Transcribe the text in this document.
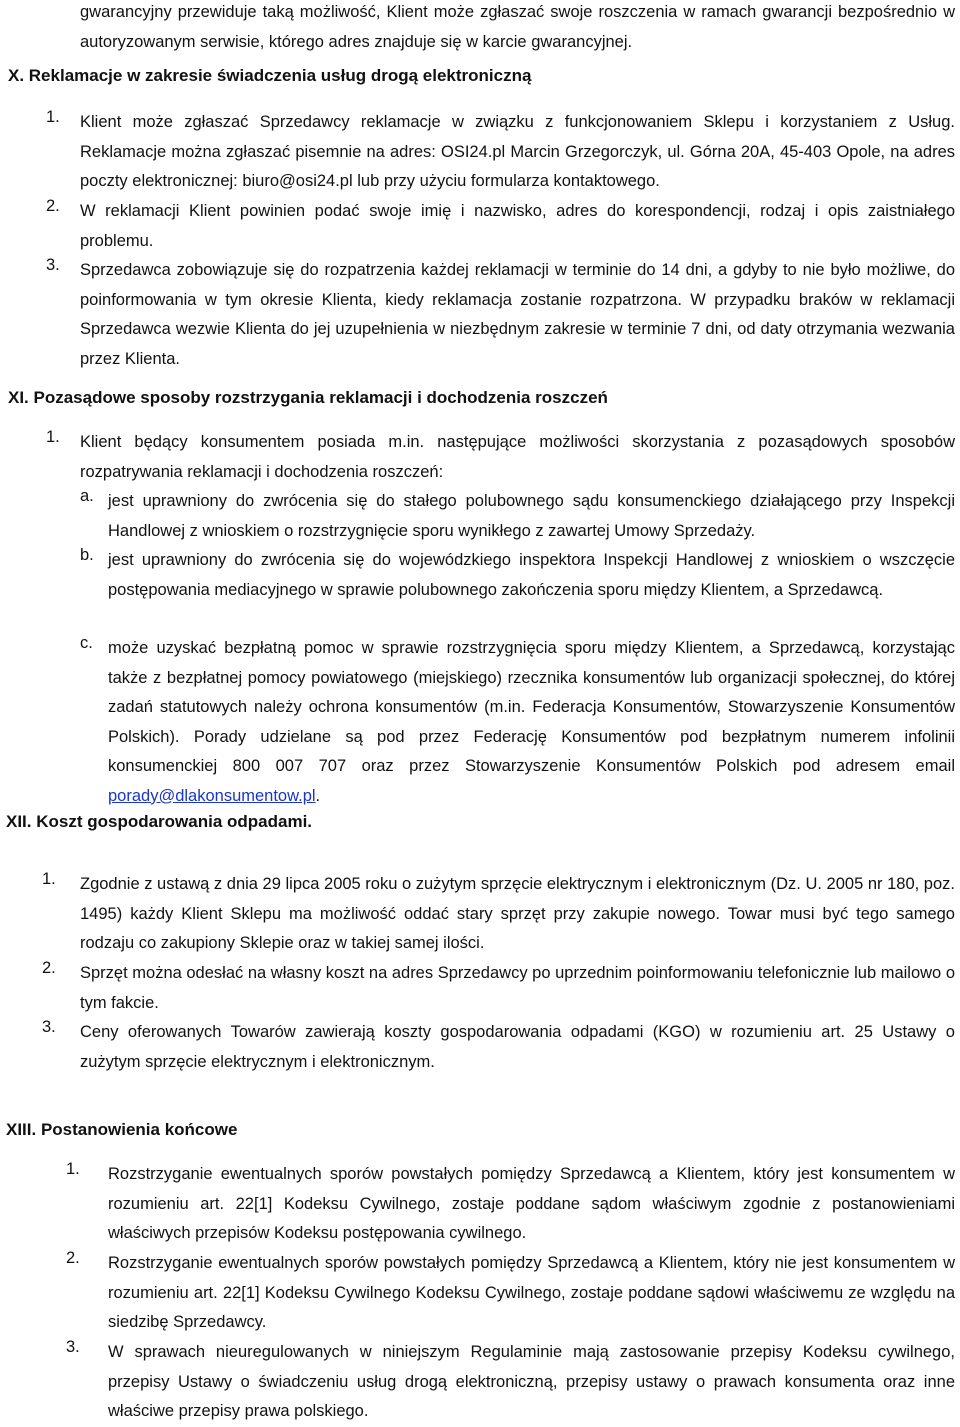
gwarancyjny przewiduje taką możliwość, Klient może zgłaszać swoje roszczenia w ramach gwarancji bezpośrednio w autoryzowanym serwisie, którego adres znajduje się w karcie gwarancyjnej.
X. Reklamacje w zakresie świadczenia usług drogą elektroniczną
1. Klient może zgłaszać Sprzedawcy reklamacje w związku z funkcjonowaniem Sklepu i korzystaniem z Usług. Reklamacje można zgłaszać pisemnie na adres: OSI24.pl Marcin Grzegorczyk, ul. Górna 20A, 45-403 Opole, na adres poczty elektronicznej: biuro@osi24.pl lub przy użyciu formularza kontaktowego.
2. W reklamacji Klient powinien podać swoje imię i nazwisko, adres do korespondencji, rodzaj i opis zaistniałego problemu.
3. Sprzedawca zobowiązuje się do rozpatrzenia każdej reklamacji w terminie do 14 dni, a gdyby to nie było możliwe, do poinformowania w tym okresie Klienta, kiedy reklamacja zostanie rozpatrzona. W przypadku braków w reklamacji Sprzedawca wezwie Klienta do jej uzupełnienia w niezbędnym zakresie w terminie 7 dni, od daty otrzymania wezwania przez Klienta.
XI. Pozasądowe sposoby rozstrzygania reklamacji i dochodzenia roszczeń
1. Klient będący konsumentem posiada m.in. następujące możliwości skorzystania z pozasądowych sposobów rozpatrywania reklamacji i dochodzenia roszczeń:
a. jest uprawniony do zwrócenia się do stałego polubownego sądu konsumenckiego działającego przy Inspekcji Handlowej z wnioskiem o rozstrzygnięcie sporu wynikłego z zawartej Umowy Sprzedaży.
b. jest uprawniony do zwrócenia się do wojewódzkiego inspektora Inspekcji Handlowej z wnioskiem o wszczęcie postępowania mediacyjnego w sprawie polubownego zakończenia sporu między Klientem, a Sprzedawcą.
c. może uzyskać bezpłatną pomoc w sprawie rozstrzygnięcia sporu między Klientem, a Sprzedawcą, korzystając także z bezpłatnej pomocy powiatowego (miejskiego) rzecznika konsumentów lub organizacji społecznej, do której zadań statutowych należy ochrona konsumentów (m.in. Federacja Konsumentów, Stowarzyszenie Konsumentów Polskich). Porady udzielane są pod przez Federację Konsumentów pod bezpłatnym numerem infolinii konsumenckiej 800 007 707 oraz przez Stowarzyszenie Konsumentów Polskich pod adresem email porady@dlakonsumentow.pl.
XII. Koszt gospodarowania odpadami.
1. Zgodnie z ustawą z dnia 29 lipca 2005 roku o zużytym sprzęcie elektrycznym i elektronicznym (Dz. U. 2005 nr 180, poz. 1495) każdy Klient Sklepu ma możliwość oddać stary sprzęt przy zakupie nowego. Towar musi być tego samego rodzaju co zakupiony Sklepie oraz w takiej samej ilości.
2. Sprzęt można odesłać na własny koszt na adres Sprzedawcy po uprzednim poinformowaniu telefonicznie lub mailowo o tym fakcie.
3. Ceny oferowanych Towarów zawierają koszty gospodarowania odpadami (KGO) w rozumieniu art. 25 Ustawy o zużytym sprzęcie elektrycznym i elektronicznym.
XIII. Postanowienia końcowe
1. Rozstrzyganie ewentualnych sporów powstałych pomiędzy Sprzedawcą a Klientem, który jest konsumentem w rozumieniu art. 22[1] Kodeksu Cywilnego, zostaje poddane sądom właściwym zgodnie z postanowieniami właściwych przepisów Kodeksu postępowania cywilnego.
2. Rozstrzyganie ewentualnych sporów powstałych pomiędzy Sprzedawcą a Klientem, który nie jest konsumentem w rozumieniu art. 22[1] Kodeksu Cywilnego Kodeksu Cywilnego, zostaje poddane sądowi właściwemu ze względu na siedzibę Sprzedawcy.
3. W sprawach nieuregulowanych w niniejszym Regulaminie mają zastosowanie przepisy Kodeksu cywilnego, przepisy Ustawy o świadczeniu usług drogą elektroniczną, przepisy ustawy o prawach konsumenta oraz inne właściwe przepisy prawa polskiego.
